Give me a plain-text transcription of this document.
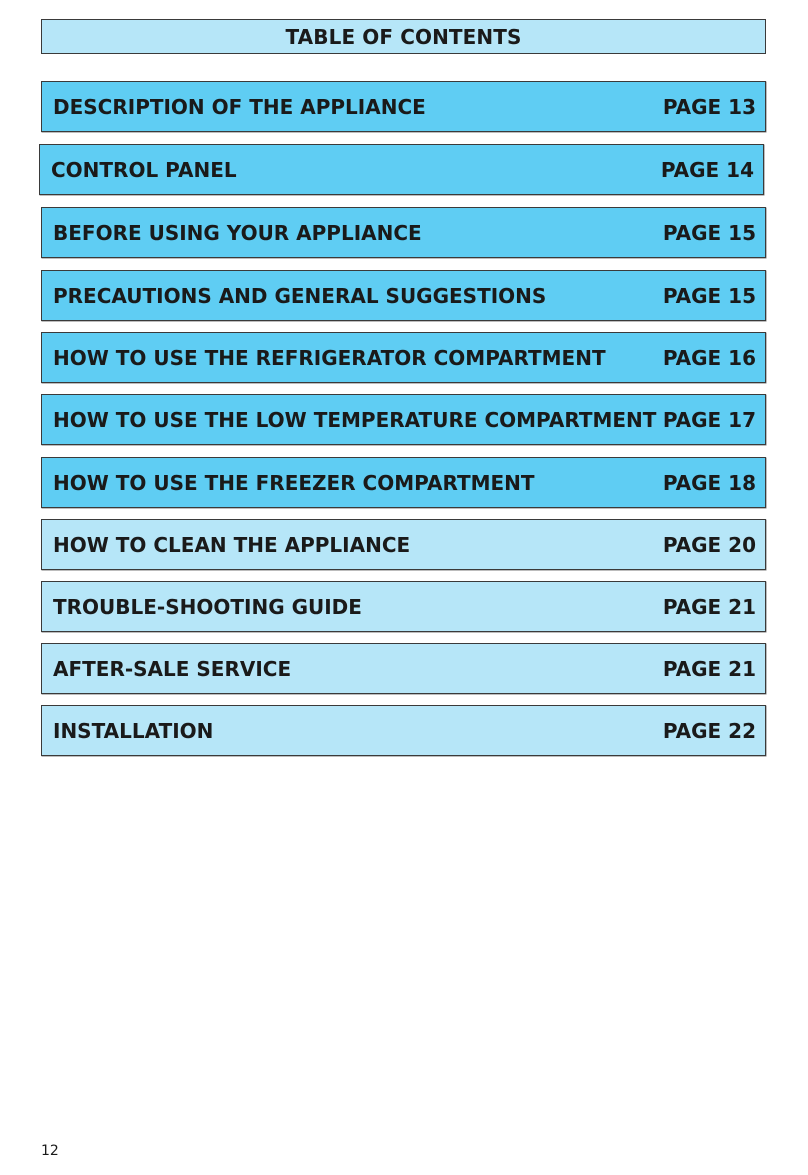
TABLE OF CONTENTS
DESCRIPTION OF THE APPLIANCE	PAGE 13
CONTROL PANEL	PAGE 14
BEFORE USING YOUR APPLIANCE	PAGE 15
PRECAUTIONS AND GENERAL SUGGESTIONS	PAGE 15
HOW TO USE THE REFRIGERATOR COMPARTMENT	PAGE 16
HOW TO USE THE LOW TEMPERATURE COMPARTMENT PAGE 17
HOW TO USE THE FREEZER COMPARTMENT	PAGE 18
HOW TO CLEAN THE APPLIANCE	PAGE 20
TROUBLE-SHOOTING GUIDE	PAGE 21
AFTER-SALE SERVICE	PAGE 21
INSTALLATION	PAGE 22
12
